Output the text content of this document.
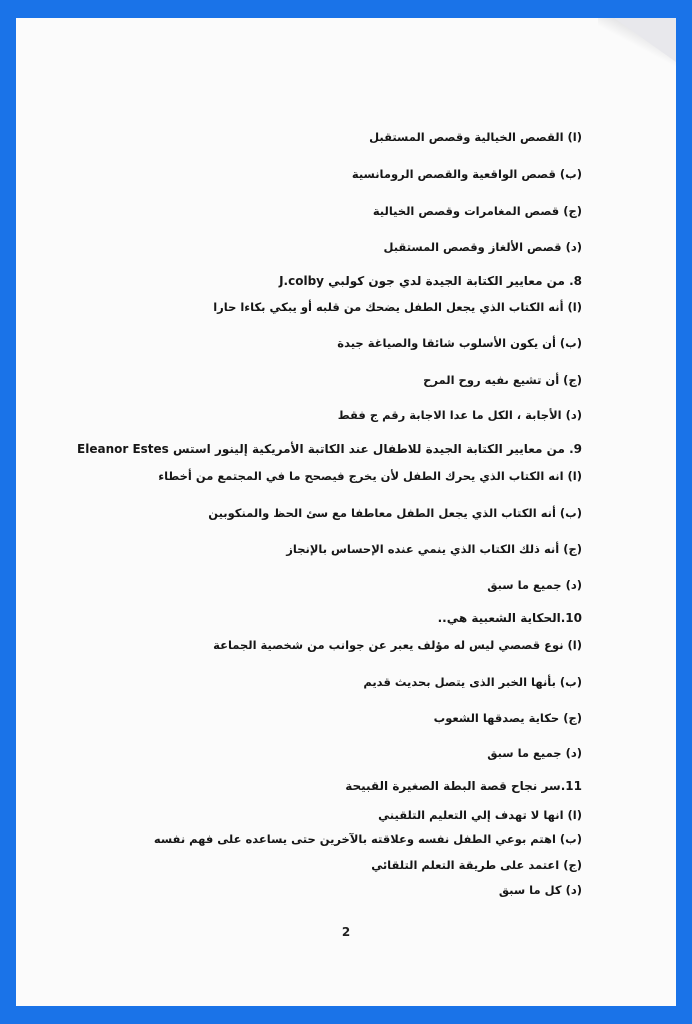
(ا) القصص الخيالية وقصص المستقبل
(ب) قصص الواقعية والقصص الرومانسية
(ج) قصص المغامرات وقصص الخيالية
(د) قصص الألغاز وقصص المستقبل
8. من معايير الكتابة الجيدة لدي جون كولبي J.colby
(ا) أنه الكتاب الذي يجعل الطفل يضحك من قلبه أو يبكي بكاءا حارا
(ب) أن يكون الأسلوب شائقا والصياغة جيدة
(ج) أن تشيع ىفيه روح المرح
(د) الأجابة ، الكل ما عدا الاجابة رقم ج فقط
9. من معايير الكتابة الجيدة للاطفال عند الكاتبة الأمريكية إلينور استس Eleanor Estes
(ا) انه الكتاب الذي يحرك الطفل لأن يخرج فيصحح ما في المجتمع من أخطاء
(ب) أنه الكتاب الذي يجعل الطفل معاطفا مع سئ الحظ والمنكوبين
(ج) أنه ذلك الكتاب الذي ينمي عنده الإحساس بالإنجاز
(د) جميع ما سبق
10.الحكاية الشعبية هي..
(ا) نوع قصصي ليس له مؤلف يعبر عن جوانب من شخصية الجماعة
(ب) بأنها الخبر الذى يتصل بحديث قديم
(ج) حكاية يصدقها الشعوب
(د) جميع ما سبق
11.سر نجاح قصة البطة الصغيرة القبيحة
(ا) انها لا تهدف إلي التعليم التلقيني
(ب) اهتم بوعي الطفل نفسه وعلاقته بالآخرين حتى يساعده على فهم نفسه
(ج) اعتمد على طريقة التعلم التلقائي
(د) كل ما سبق
2
